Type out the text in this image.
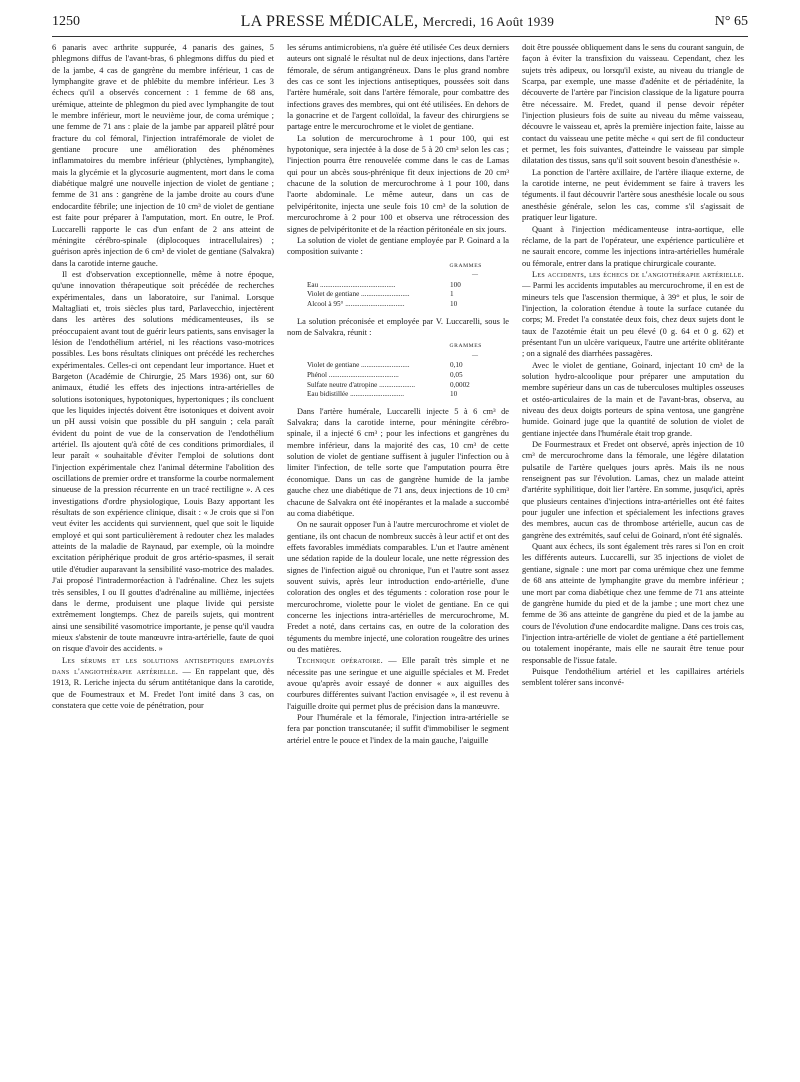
1250	LA PRESSE MÉDICALE, Mercredi, 16 Août 1939	N° 65

6 panaris avec arthrite suppurée, 4 panaris des gaines, 5 phlegmons diffus de l'avant-bras, 6 phlegmons diffus du pied et de la jambe, 4 cas de gangrène du membre inférieur, 1 cas de lymphangite grave et de phlébite du membre inférieur. Les 3 échecs qu'il a observés concernent : 1 femme de 68 ans, urémique, atteinte de phlegmon du pied avec lymphangite de tout le membre inférieur, mort le neuvième jour, de coma urémique ; une femme de 71 ans : plaie de la jambe par appareil plâtré pour fracture du col fémoral, l'injection intrafémorale de violet de gentiane procure une amélioration des phénomènes inflammatoires du membre inférieur (phlyctènes, lymphangite), mais la glycémie et la glycosurie augmentent, mort dans le coma diabétique malgré une nouvelle injection de violet de gentiane ; femme de 31 ans : gangrène de la jambe droite au cours d'une endocardite fébrile; une injection de 10 cm³ de violet de gentiane est faite pour préparer à l'amputation, mort. En outre, le Prof. Luccarelli rapporte le cas d'un enfant de 2 ans atteint de méningite cérébro-spinale (diplocoques intracellulaires) ; guérison après injection de 6 cm³ de violet de gentiane (Salvakra) dans la carotide interne gauche.

Il est d'observation exceptionnelle, même à notre époque, qu'une innovation thérapeutique soit précédée de recherches expérimentales, dans un laboratoire, sur l'animal. Lorsque Maltagliati et, trois siècles plus tard, Parlavecchio, injectèrent dans les artères des solutions médicamenteuses, ils se préoccupaient avant tout de guérir leurs patients, sans envisager la lésion de l'endothélium artériel, ni les réactions vaso-motrices possibles. Les bons résultats cliniques ont précédé les recherches expérimentales. Celles-ci ont cependant leur importance. Huet et Bargeton (Académie de Chirurgie, 25 Mars 1936) ont, sur 60 animaux, étudié les effets des injections intra-artérielles de solutions isotoniques, hypotoniques, hypertoniques ; ils concluent que les liquides injectés doivent être isotoniques et doivent avoir un pH aussi voisin que possible du pH sanguin ; cela paraît évident du point de vue de la conservation de l'endothélium artériel. Ils ajoutent qu'à côté de ces conditions primordiales, il leur paraît « souhaitable d'éviter l'emploi de solutions dont l'injection expérimentale chez l'animal détermine l'abolition des oscillations de premier ordre et transforme la courbe normalement sinueuse de la pression récurrente en un tracé rectiligne ». A ces investigations d'ordre physiologique, Louis Bazy apportant les résultats de son expérience clinique, disait : « Je crois que si l'on veut éviter les accidents qui surviennent, quel que soit le liquide employé et qui sont particulièrement à redouter chez les malades atteints de la maladie de Raynaud, par exemple, où la moindre excitation périphérique produit de gros artério-spasmes, il serait utile d'étudier auparavant la sensibilité vaso-motrice des malades. J'ai proposé l'intradermoréaction à l'adrénaline. Chez les sujets très sensibles, I ou II gouttes d'adrénaline au millième, injectées dans le derme, produisent une plaque livide qui persiste extrêmement longtemps. Chez de pareils sujets, qui montrent ainsi une sensibilité vasomotrice importante, je pense qu'il vaudra mieux s'abstenir de toute manœuvre intra-artérielle, faute de quoi on risque d'avoir des accidents. »

Les sérums et les solutions antiseptiques employés dans l'angiothérapie artérielle. — En rappelant que, dès 1913, R. Leriche injecta du sérum antitétanique dans la carotide, que de Foumestraux et M. Fredet l'ont imité dans 3 cas, on constatera que cette voie de pénétration, pour

les sérums antimicrobiens, n'a guère été utilisée Ces deux derniers auteurs ont signalé le résultat nul de deux injections, dans l'artère fémorale, de sérum antigangréneux. Dans le plus grand nombre des cas ce sont les injections antiseptiques, poussées soit dans l'artère humérale, soit dans l'artère fémorale, pour combattre des infections graves des membres, qui ont été utilisées. En dehors de la gonacrine et de l'argent colloïdal, la faveur des chirurgiens se partage entre le mercurochrome et le violet de gentiane.

La solution de mercurochrome à 1 pour 100, qui est hypotonique, sera injectée à la dose de 5 à 20 cm³ selon les cas ; l'injection pourra être renouvelée comme dans le cas de Lamas qui pour un abcès sous-phrénique fit deux injections de 20 cm³ chacune de la solution de mercurochrome à 1 pour 100, dans l'aorte abdominale. Le même auteur, dans un cas de pelvipéritonite, injecta une seule fois 10 cm³ de la solution de mercurochrome à 2 pour 100 et observa une rétrocession des signes de pelvipéritonite et de la réaction péritonéale en six jours.

La solution de violet de gentiane employée par P. Goinard a la composition suivante :

GRAMMES
—
Eau ..........................................	100
Violet de gentiane ...........................	1
Alcool à 95° .................................	10

La solution préconisée et employée par V. Luccarelli, sous le nom de Salvakra, réunit :

GRAMMES
—
Violet de gentiane ...........................	0,10
Phénol .......................................	0,05
Sulfate neutre d'atropine ....................	0,0002
Eau bidistillée ..............................	10

Dans l'artère humérale, Luccarelli injecte 5 à 6 cm³ de Salvakra; dans la carotide interne, pour méningite cérébro-spinale, il a injecté 6 cm³ ; pour les infections et gangrènes du membre inférieur, dans la majorité des cas, 10 cm³ de cette solution de violet de gentiane suffisent à juguler l'infection ou à limiter l'infection, de telle sorte que l'amputation pourra être économique. Dans un cas de gangrène humide de la jambe gauche chez une diabétique de 71 ans, deux injections de 10 cm³ chacune de Salvakra ont été inopérantes et la malade a succombé au coma diabétique.

On ne saurait opposer l'un à l'autre mercurochrome et violet de gentiane, ils ont chacun de nombreux succès à leur actif et ont des effets favorables immédiats comparables. L'un et l'autre amènent une sédation rapide de la douleur locale, une nette régression des signes de l'infection aiguë ou chronique, l'un et l'autre sont assez souvent suivis, après leur introduction endo-artérielle, d'une coloration des ongles et des téguments : coloration rose pour le mercurochrome, violette pour le violet de gentiane. En ce qui concerne les injections intra-artérielles de mercurochrome, M. Fredet a noté, dans certains cas, en outre de la coloration des téguments du membre injecté, une coloration rougeâtre des urines ou des matières.

Technique opératoire. — Elle paraît très simple et ne nécessite pas une seringue et une aiguille spéciales et M. Fredet avoue qu'après avoir essayé de donner « aux aiguilles des courbures différentes suivant l'action envisagée », il est revenu à l'aiguille droite qui permet plus de précision dans la manœuvre.

Pour l'humérale et la fémorale, l'injection intra-artérielle se fera par ponction transcutanée; il suffit d'immobiliser le segment artériel entre le pouce et l'index de la main gauche, l'aiguille

doit être poussée obliquement dans le sens du courant sanguin, de façon à éviter la transfixion du vaisseau. Cependant, chez les sujets très adipeux, ou lorsqu'il existe, au niveau du triangle de Scarpa, par exemple, une masse d'adénite et de périadénite, la découverte de l'artère par l'incision classique de la ligature pourra être nécessaire. M. Fredet, quand il pense devoir répéter l'injection plusieurs fois de suite au niveau du même vaisseau, découvre le vaisseau et, après la première injection faite, laisse au contact du vaisseau une petite mèche « qui sert de fil conducteur et permet, les fois suivantes, d'atteindre le vaisseau par simple dilatation des tissus, sans qu'il soit souvent besoin d'anesthésie ».

La ponction de l'artère axillaire, de l'artère iliaque externe, de la carotide interne, ne peut évidemment se faire à travers les téguments. il faut découvrir l'artère sous anesthésie locale ou sous anesthésie générale, selon les cas, comme s'il s'agissait de pratiquer leur ligature.

Quant à l'injection médicamenteuse intra-aortique, elle réclame, de la part de l'opérateur, une expérience particulière et ne saurait encore, comme les injections intra-artérielles humérale ou fémorale, entrer dans la pratique chirurgicale courante.

Les accidents, les échecs de l'angiothérapie artérielle. — Parmi les accidents imputables au mercurochrome, il en est de mineurs tels que l'ascension thermique, à 39° et plus, le soir de l'injection, la coloration étendue à toute la surface cutanée du corps; M. Fredet l'a constatée deux fois, chez deux sujets dont le taux de l'azotémie était un peu élevé (0 g. 64 et 0 g. 62) et présentant l'un un ulcère variqueux, l'autre une artérite oblitérante ; on a signalé des diarrhées passagères.

Avec le violet de gentiane, Goinard, injectant 10 cm³ de la solution hydro-alcoolique pour préparer une amputation du membre supérieur dans un cas de tuberculoses multiples osseuses et ostéo-articulaires de la main et de l'avant-bras, observa, au niveau des deux doigts porteurs de spina ventosa, une gangrène humide. Goinard juge que la quantité de solution de violet de gentiane injectée dans l'humérale était trop grande.

De Fourmestraux et Fredet ont observé, après injection de 10 cm³ de mercurochrome dans la fémorale, une légère dilatation pulsatile de l'artère quelques jours après. Mais ils ne nous renseignent pas sur l'évolution. Lamas, chez un malade atteint d'artérite syphilitique, doit lier l'artère. En somme, jusqu'ici, après que plusieurs centaines d'injections intra-artérielles ont été faites pour juguler une infection et spécialement les infections graves des membres, aucun cas de thrombose artérielle, aucun cas de gangrène des extrémités, sauf celui de Goinard, n'ont été signalés.

Quant aux échecs, ils sont également très rares si l'on en croit les différents auteurs. Luccarelli, sur 35 injections de violet de gentiane, signale : une mort par coma urémique chez une femme de 68 ans atteinte de lymphangite grave du membre inférieur ; une mort par coma diabétique chez une femme de 71 ans atteinte de gangrène humide du pied et de la jambe ; une mort chez une femme de 36 ans atteinte de gangrène du pied et de la jambe au cours de l'évolution d'une endocardite maligne. Dans ces trois cas, l'injection intra-artérielle de violet de gentiane a été partiellement ou totalement inopérante, mais elle ne saurait être tenue pour responsable de l'issue fatale.

Puisque l'endothélium artériel et les capillaires artériels semblent tolérer sans inconvé-
